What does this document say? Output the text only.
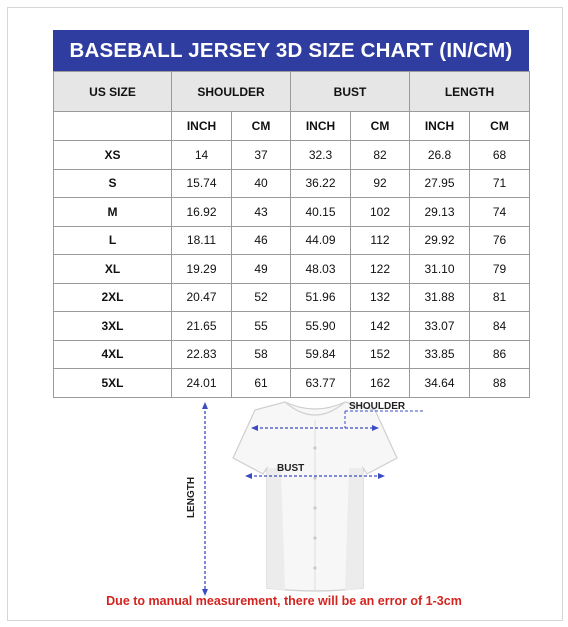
BASEBALL JERSEY 3D SIZE CHART (IN/CM)
US SIZE	SHOULDER		BUST		LENGTH	
	INCH	CM	INCH	CM	INCH	CM
XS	14	37	32.3	82	26.8	68
S	15.74	40	36.22	92	27.95	71
M	16.92	43	40.15	102	29.13	74
L	18.11	46	44.09	112	29.92	76
XL	19.29	49	48.03	122	31.10	79
2XL	20.47	52	51.96	132	31.88	81
3XL	21.65	55	55.90	142	33.07	84
4XL	22.83	58	59.84	152	33.85	86
5XL	24.01	61	63.77	162	34.64	88
SHOULDER
BUST
LENGTH
Due to manual measurement, there will be an error of 1-3cm
